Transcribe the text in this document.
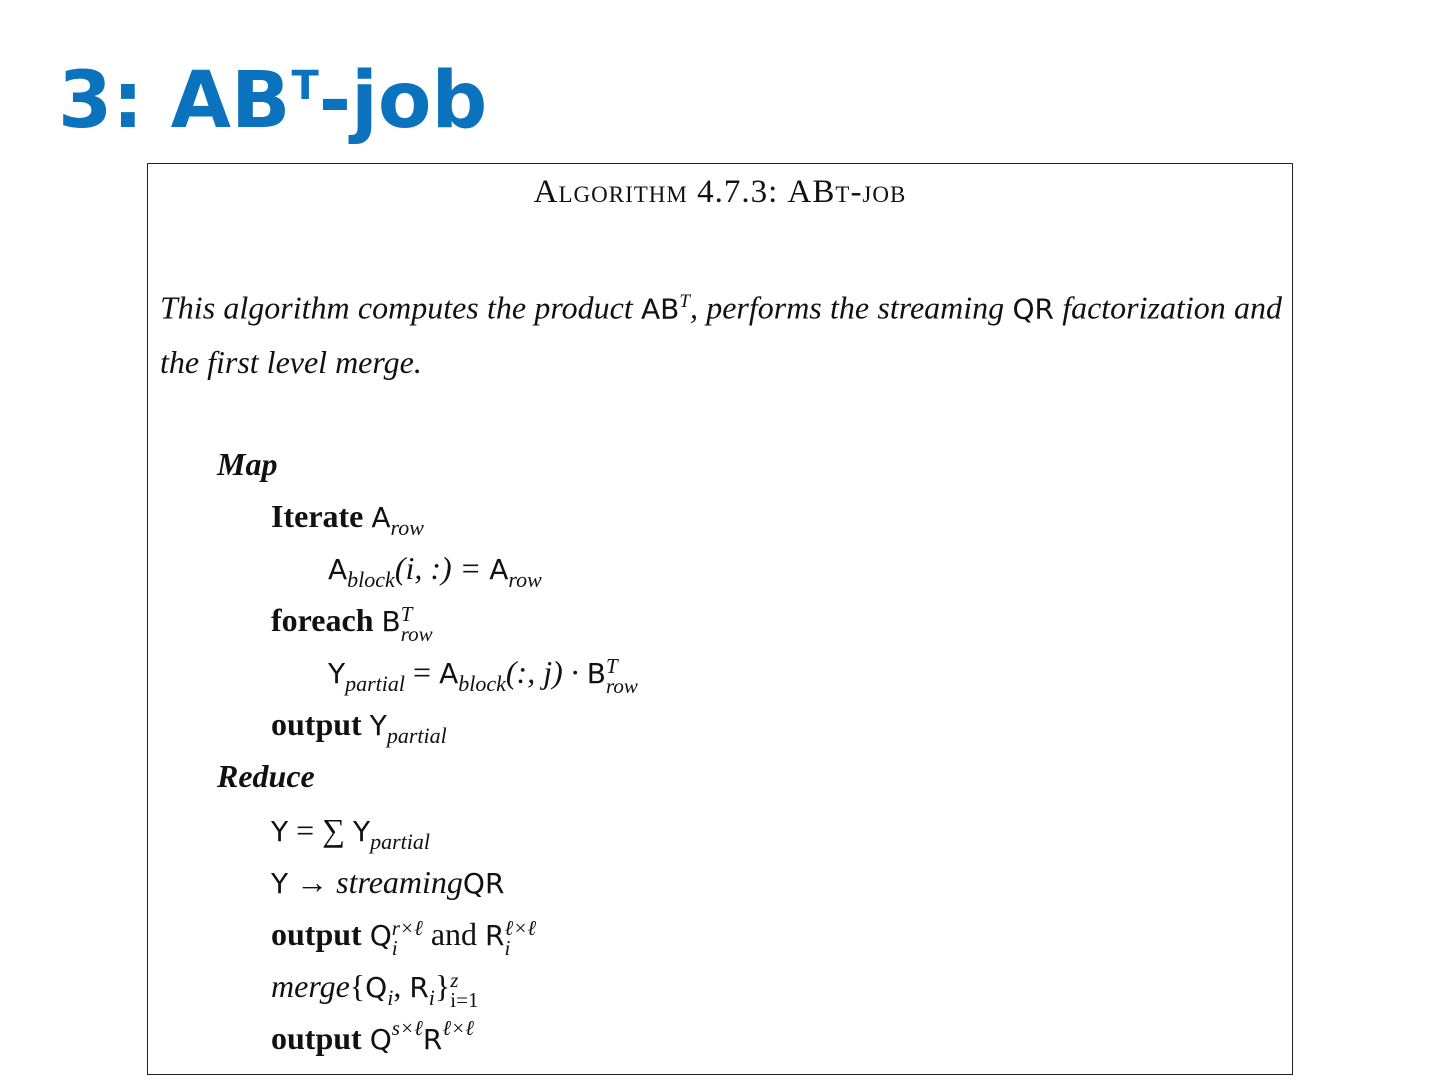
3: $AB^T$-job
Algorithm 4.7.3: ABt-job
This algorithm computes the product $AB^T$, performs the streaming QR factorization and the first level merge.
Map
Iterate $A_{row}$
$A_{block}(i$, :) = $A_{row}$
foreach B T
row
$Y_{partial} = A_{block}$(:, j) · B T
row
output $Y_{partial}$
Reduce
Y = ∑ $Y_{partial}$
Y → streamingQR
output Q r×ℓ
i and R ℓ×ℓ
i
$merge\{Q_i$, $R_i$} z
i=1
output $Q^{s\times\ell}R^{\ell\times\ell}$
